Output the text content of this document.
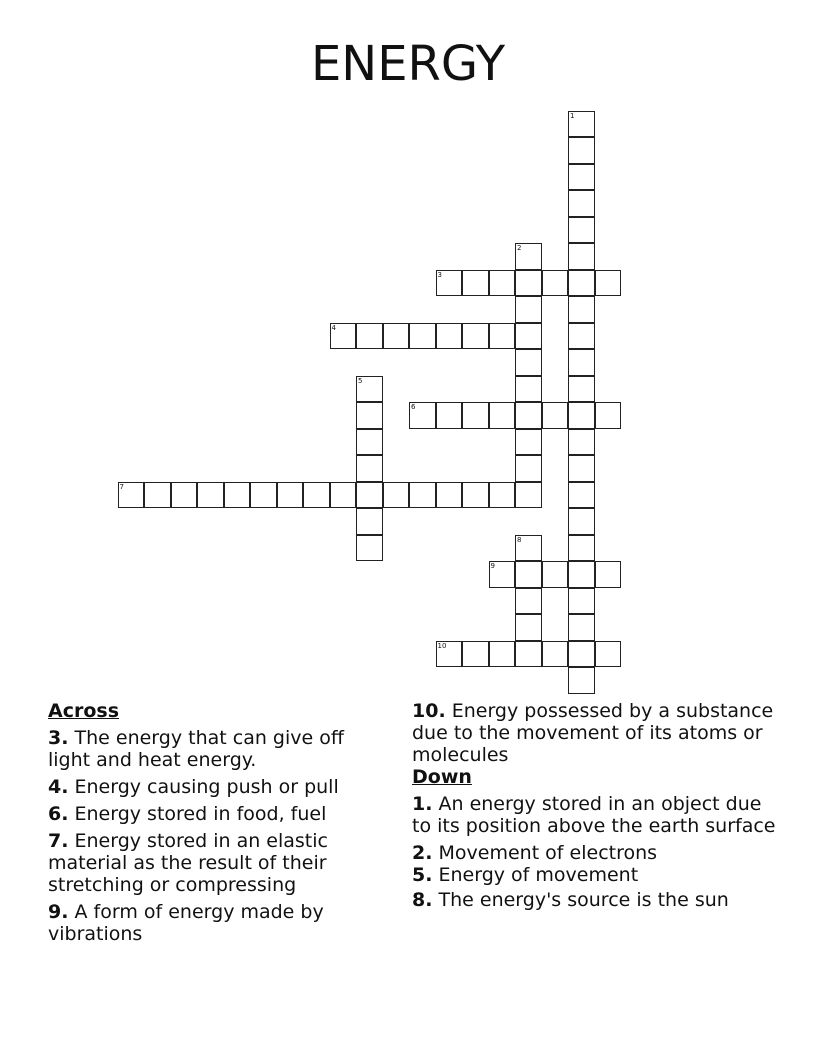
ENERGY
1
2
3
4
5
6
7
8
9
10
Across
3. The energy that can give off light and heat energy.
4. Energy causing push or pull
6. Energy stored in food, fuel
7. Energy stored in an elastic material as the result of their stretching or compressing
9. A form of energy made by vibrations
10. Energy possessed by a substance due to the movement of its atoms or molecules
Down
1. An energy stored in an object due to its position above the earth surface
2. Movement of electrons
5. Energy of movement
8. The energy's source is the sun
